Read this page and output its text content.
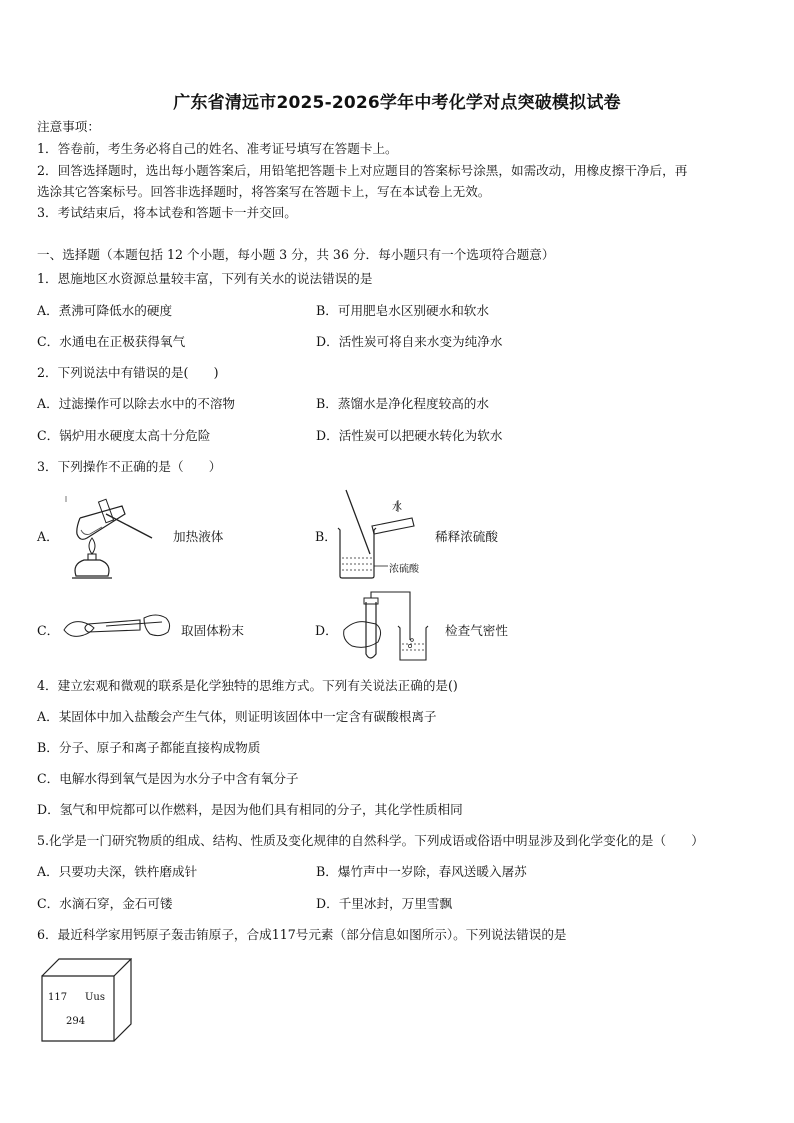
广东省清远市2025-2026学年中考化学对点突破模拟试卷
注意事项：
1．答卷前，考生务必将自己的姓名、准考证号填写在答题卡上。
2．回答选择题时，选出每小题答案后，用铅笔把答题卡上对应题目的答案标号涂黑，如需改动，用橡皮擦干净后，再
选涂其它答案标号。回答非选择题时，将答案写在答题卡上，写在本试卷上无效。
3．考试结束后，将本试卷和答题卡一并交回。
一、选择题（本题包括 12 个小题，每小题 3 分，共 36 分．每小题只有一个选项符合题意）
1．恩施地区水资源总量较丰富，下列有关水的说法错误的是
A．煮沸可降低水的硬度	B．可用肥皂水区别硬水和软水
C．水通电在正极获得氧气	D．活性炭可将自来水变为纯净水
2．下列说法中有错误的是(　　)
A．过滤操作可以除去水中的不溶物	B．蒸馏水是净化程度较高的水
C．锅炉用水硬度太高十分危险	D．活性炭可以把硬水转化为软水
3．下列操作不正确的是（　　）
A．	加热液体	B．
水
浓硫酸
稀释浓硫酸
C．	取固体粉末	D．	检查气密性
4．建立宏观和微观的联系是化学独特的思维方式。下列有关说法正确的是()
A．某固体中加入盐酸会产生气体，则证明该固体中一定含有碳酸根离子
B．分子、原子和离子都能直接构成物质
C．电解水得到氧气是因为水分子中含有氧分子
D．氢气和甲烷都可以作燃料，是因为他们具有相同的分子，其化学性质相同
5.化学是一门研究物质的组成、结构、性质及变化规律的自然科学。下列成语或俗语中明显涉及到化学变化的是（　　）
A．只要功夫深，铁杵磨成针	B．爆竹声中一岁除，春风送暖入屠苏
C．水滴石穿，金石可镂	D．千里冰封，万里雪飘
6．最近科学家用钙原子轰击铕原子，合成117号元素（部分信息如图所示）。下列说法错误的是
117 Uus
294
